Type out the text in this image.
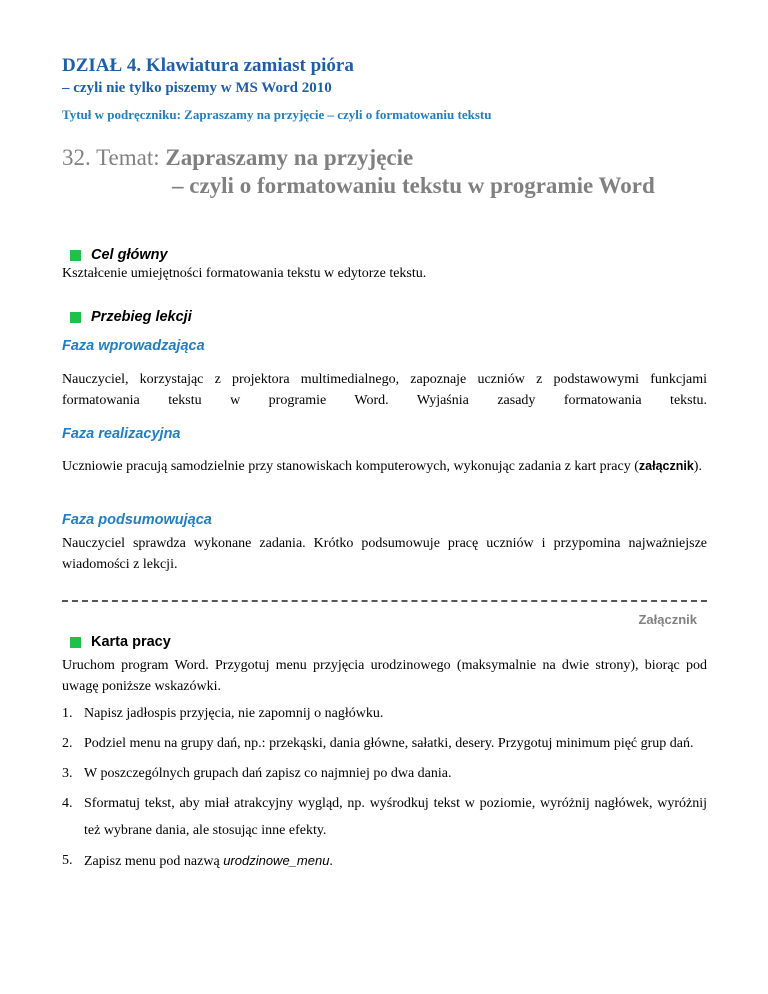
DZIAŁ 4. Klawiatura zamiast pióra
– czyli nie tylko piszemy w MS Word 2010
Tytuł w podręczniku: Zapraszamy na przyjęcie – czyli o formatowaniu tekstu
32. Temat: Zapraszamy na przyjęcie
– czyli o formatowaniu tekstu w programie Word
Cel główny
Kształcenie umiejętności formatowania tekstu w edytorze tekstu.
Przebieg lekcji
Faza wprowadzająca
Nauczyciel, korzystając z projektora multimedialnego, zapoznaje uczniów z podstawowymi funkcjami formatowania tekstu w programie Word. Wyjaśnia zasady formatowania tekstu.
Faza realizacyjna
Uczniowie pracują samodzielnie przy stanowiskach komputerowych, wykonując zadania z kart pracy (załącznik).
Faza podsumowująca
Nauczyciel sprawdza wykonane zadania. Krótko podsumowuje pracę uczniów i przypomina najważniejsze wiadomości z lekcji.
Załącznik
Karta pracy
Uruchom program Word. Przygotuj menu przyjęcia urodzinowego (maksymalnie na dwie strony), biorąc pod uwagę poniższe wskazówki.
1. Napisz jadłospis przyjęcia, nie zapomnij o nagłówku.
2. Podziel menu na grupy dań, np.: przekąski, dania główne, sałatki, desery. Przygotuj minimum pięć grup dań.
3. W poszczególnych grupach dań zapisz co najmniej po dwa dania.
4. Sformatuj tekst, aby miał atrakcyjny wygląd, np. wyśrodkuj tekst w poziomie, wyróżnij nagłówek, wyróżnij też wybrane dania, ale stosując inne efekty.
5. Zapisz menu pod nazwą urodzinowe_menu.
